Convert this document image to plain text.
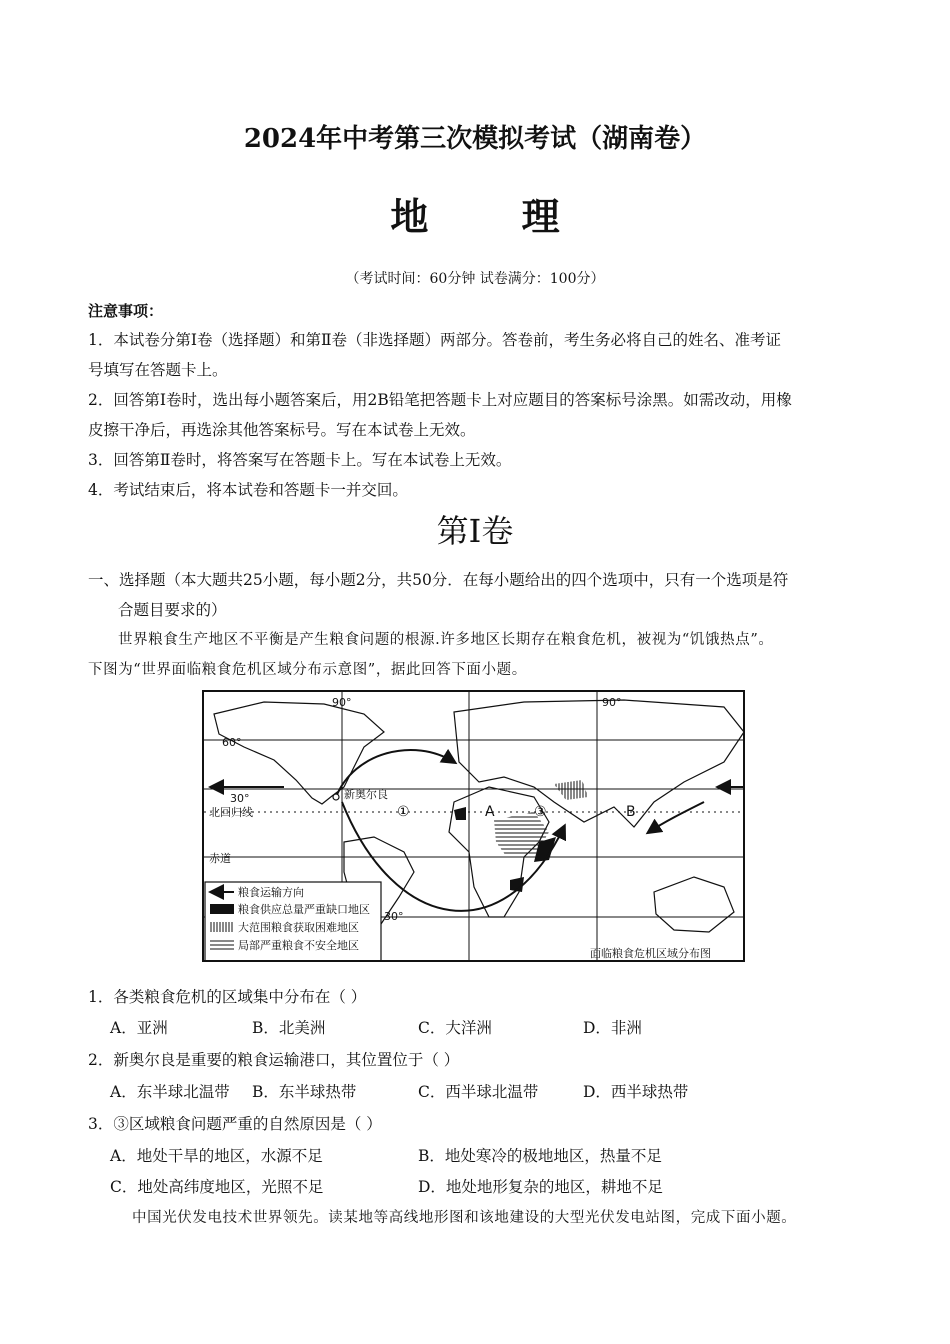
2024年中考第三次模拟考试（湖南卷）
地 理
（考试时间：60分钟 试卷满分：100分）
注意事项：
1．本试卷分第Ⅰ卷（选择题）和第Ⅱ卷（非选择题）两部分。答卷前，考生务必将自己的姓名、准考证
号填写在答题卡上。
2．回答第Ⅰ卷时，选出每小题答案后，用2B铅笔把答题卡上对应题目的答案标号涂黑。如需改动，用橡
皮擦干净后，再选涂其他答案标号。写在本试卷上无效。
3．回答第Ⅱ卷时，将答案写在答题卡上。写在本试卷上无效。
4．考试结束后，将本试卷和答题卡一并交回。
第Ⅰ卷
一、选择题（本大题共25小题，每小题2分，共50分．在每小题给出的四个选项中，只有一个选项是符
合题目要求的）
世界粮食生产地区不平衡是产生粮食问题的根源.许多地区长期存在粮食危机，被视为“饥饿热点”。
下图为“世界面临粮食危机区域分布示意图”，据此回答下面小题。
90°	90°
60°
30°
北回归线
赤道
30°
新奥尔良
①	A	③	B
粮食运输方向
粮食供应总量严重缺口地区
大范围粮食获取困难地区
局部严重粮食不安全地区
面临粮食危机区域分布图
1．各类粮食危机的区域集中分布在（ ）
A．亚洲	B．北美洲	C．大洋洲	D．非洲
2．新奥尔良是重要的粮食运输港口，其位置位于（ ）
A．东半球北温带 B．东半球热带	C．西半球北温带	D．西半球热带
3．③区域粮食问题严重的自然原因是（ ）
A．地处干旱的地区，水源不足	B．地处寒冷的极地地区，热量不足
C．地处高纬度地区，光照不足	D．地处地形复杂的地区，耕地不足
中国光伏发电技术世界领先。读某地等高线地形图和该地建设的大型光伏发电站图，完成下面小题。
